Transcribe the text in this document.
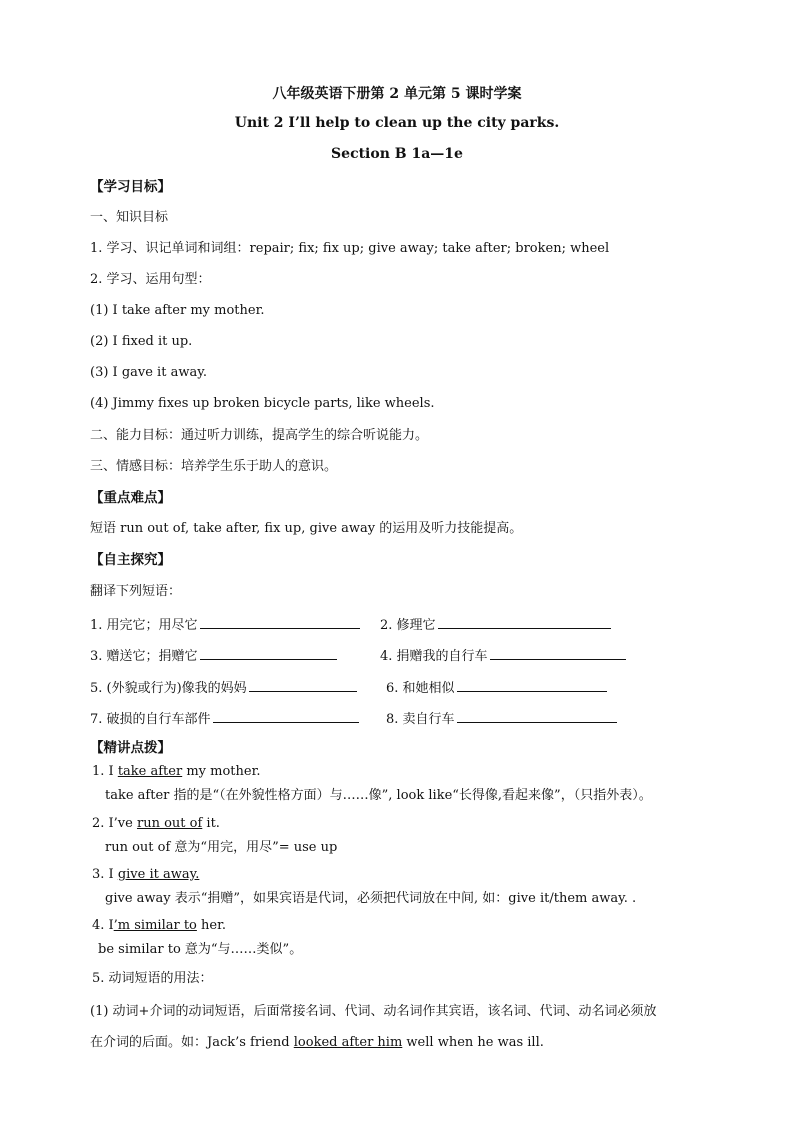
八年级英语下册第 2 单元第 5 课时学案
Unit 2 I’ll help to clean up the city parks.
Section B 1a—1e
【学习目标】
一、知识目标
1. 学习、识记单词和词组：repair; fix; fix up; give away; take after; broken; wheel
2. 学习、运用句型：
(1) I take after my mother.
(2) I fixed it up.
(3) I gave it away.
(4) Jimmy fixes up broken bicycle parts, like wheels.
二、能力目标：通过听力训练，提高学生的综合听说能力。
三、情感目标：培养学生乐于助人的意识。
【重点难点】
短语 run out of, take after, fix up, give away 的运用及听力技能提高。
【自主探究】
翻译下列短语：
1. 用完它；用尽它	2. 修理它
3. 赠送它；捐赠它	4. 捐赠我的自行车
5. (外貌或行为)像我的妈妈	6. 和她相似
7. 破损的自行车部件	8. 卖自行车
【精讲点拨】
1. I take after my mother.
take after 指的是“（在外貌性格方面）与……像”, look like“长得像,看起来像”，（只指外表）。
2. I’ve run out of it.
run out of 意为“用完，用尽”= use up
3. I give it away.
give away 表示“捐赠”，如果宾语是代词，必须把代词放在中间, 如：give it/them away. .
4. I’m similar to her.
be similar to 意为“与……类似”。
5. 动词短语的用法：
(1) 动词+介词的动词短语，后面常接名词、代词、动名词作其宾语，该名词、代词、动名词必须放
在介词的后面。如：Jack’s friend looked after him well when he was ill.
